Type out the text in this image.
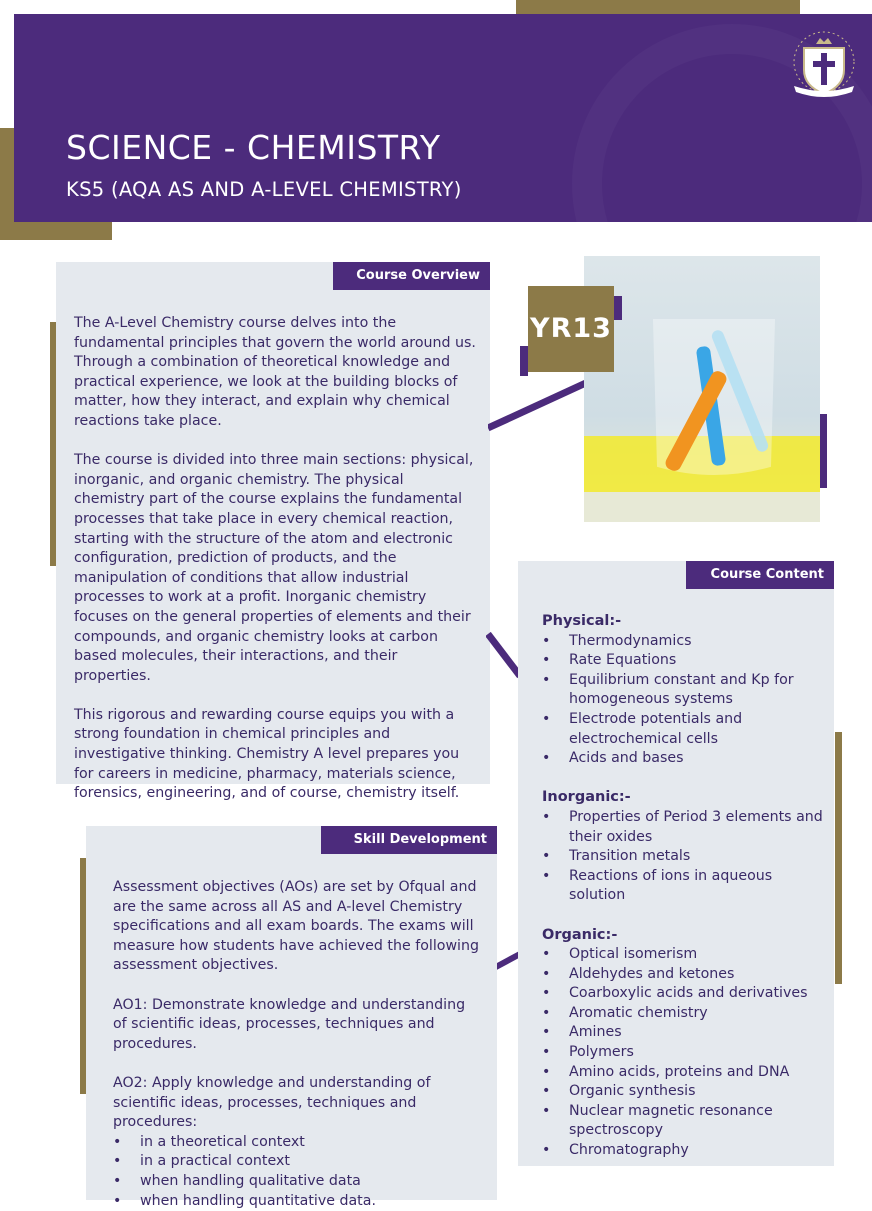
SCIENCE - CHEMISTRY
KS5 (AQA AS AND A-LEVEL CHEMISTRY)
Course Overview

The A-Level Chemistry course delves into the fundamental principles that govern the world around us. Through a combination of theoretical knowledge and practical experience, we look at the building blocks of matter, how they interact, and explain why chemical reactions take place.

The course is divided into three main sections: physical, inorganic, and organic chemistry. The physical chemistry part of the course explains the fundamental processes that take place in every chemical reaction, starting with the structure of the atom and electronic configuration, prediction of products, and the manipulation of conditions that allow industrial processes to work at a profit. Inorganic chemistry focuses on the general properties of elements and their compounds, and organic chemistry looks at carbon based molecules, their interactions, and their properties.

This rigorous and rewarding course equips you with a strong foundation in chemical principles and investigative thinking. Chemistry A level prepares you for careers in medicine, pharmacy, materials science, forensics, engineering, and of course, chemistry itself.

YR13
Course Content
Physical:-
• Thermodynamics
• Rate Equations
• Equilibrium constant and Kp for homogeneous systems
• Electrode potentials and electrochemical cells
• Acids and bases
Inorganic:-
• Properties of Period 3 elements and their oxides
• Transition metals
• Reactions of ions in aqueous solution
Organic:-
• Optical isomerism
• Aldehydes and ketones
• Coarboxylic acids and derivatives
• Aromatic chemistry
• Amines
• Polymers
• Amino acids, proteins and DNA
• Organic synthesis
• Nuclear magnetic resonance spectroscopy
• Chromatography
Skill Development

Assessment objectives (AOs) are set by Ofqual and are the same across all AS and A-level Chemistry specifications and all exam boards. The exams will measure how students have achieved the following assessment objectives.

AO1: Demonstrate knowledge and understanding of scientific ideas, processes, techniques and procedures.

AO2: Apply knowledge and understanding of scientific ideas, processes, techniques and procedures:
• in a theoretical context
• in a practical context
• when handling qualitative data
• when handling quantitative data.
